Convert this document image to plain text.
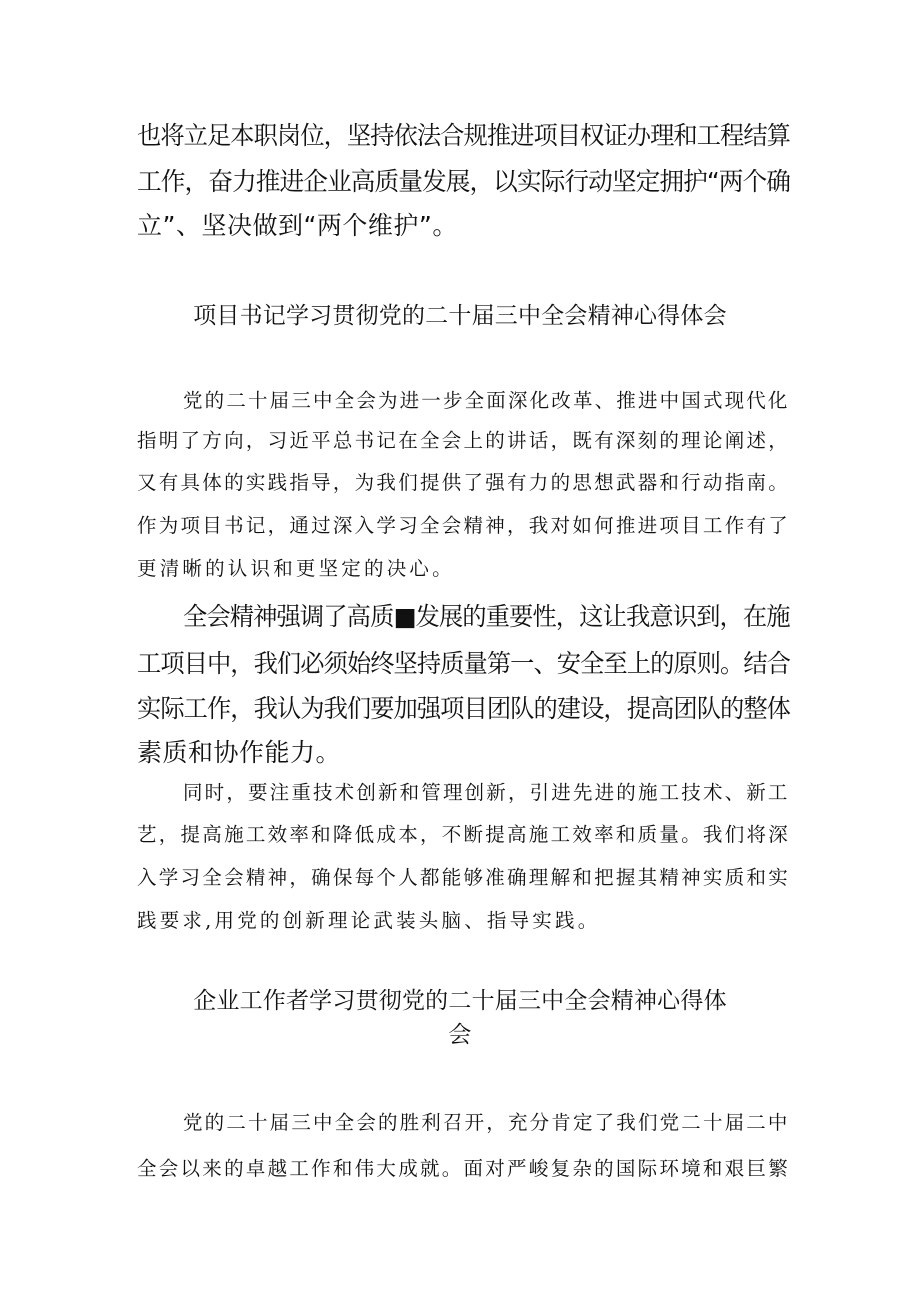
也将立足本职岗位，坚持依法合规推进项目权证办理和工程结算
工作，奋力推进企业高质量发展，以实际行动坚定拥护“两个确
立”、坚决做到“两个维护”。
项目书记学习贯彻党的二十届三中全会精神心得体会
党的二十届三中全会为进一步全面深化改革、推进中国式现代化
指明了方向，习近平总书记在全会上的讲话，既有深刻的理论阐述，
又有具体的实践指导，为我们提供了强有力的思想武器和行动指南。
作为项目书记，通过深入学习全会精神，我对如何推进项目工作有了
更清晰的认识和更坚定的决心。
全会精神强调了高质■发展的重要性，这让我意识到，在施
工项目中，我们必须始终坚持质量第一、安全至上的原则。结合
实际工作，我认为我们要加强项目团队的建设，提高团队的整体
素质和协作能力。
同时，要注重技术创新和管理创新，引进先进的施工技术、新工
艺，提高施工效率和降低成本，不断提高施工效率和质量。我们将深
入学习全会精神，确保每个人都能够准确理解和把握其精神实质和实
践要求,用党的创新理论武装头脑、指导实践。
企业工作者学习贯彻党的二十届三中全会精神心得体
会
党的二十届三中全会的胜利召开，充分肯定了我们党二十届二中
全会以来的卓越工作和伟大成就。面对严峻复杂的国际环境和艰巨繁
